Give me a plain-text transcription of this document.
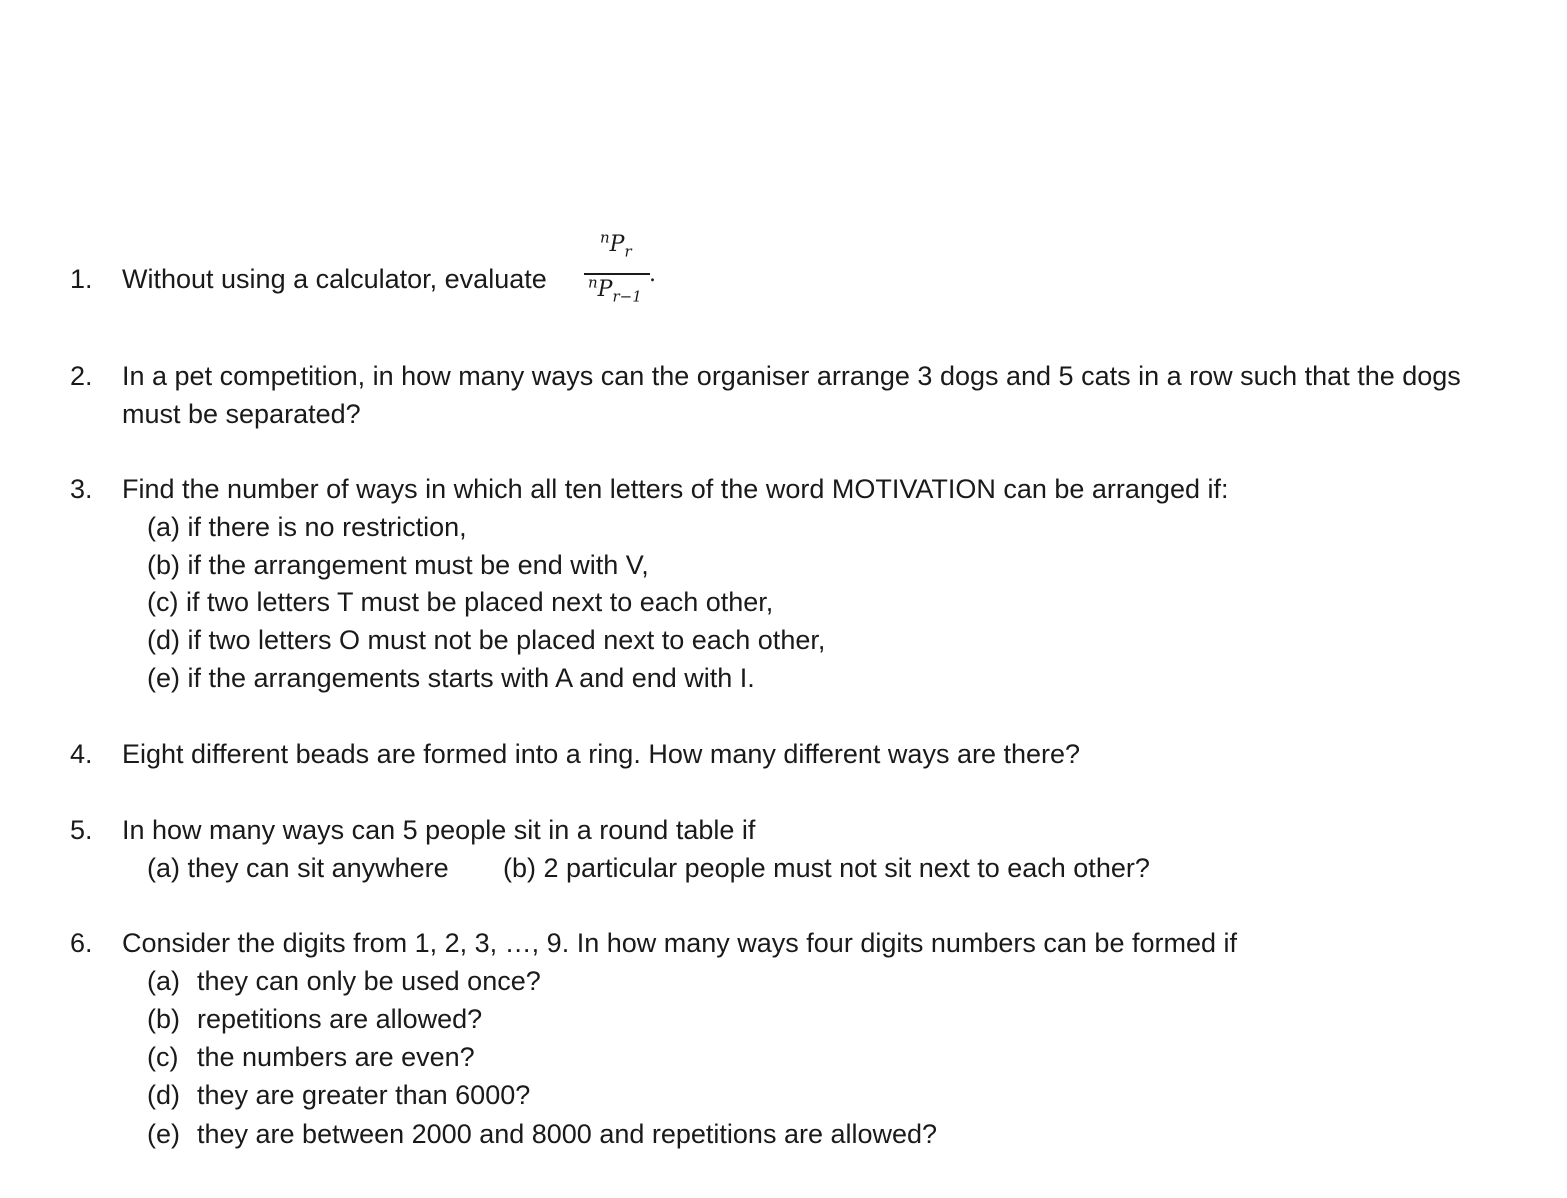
1.	Without using a calculator, evaluate
$^nP_r$
$^nP_{r-1}$
.
2.	In a pet competition, in how many ways can the organiser arrange 3 dogs and 5 cats in a row such that the dogs
must be separated?
3.	Find the number of ways in which all ten letters of the word MOTIVATION can be arranged if:
(a) if there is no restriction,
(b) if the arrangement must be end with V,
(c) if two letters T must be placed next to each other,
(d) if two letters O must not be placed next to each other,
(e) if the arrangements starts with A and end with I.
4.	Eight different beads are formed into a ring. How many different ways are there?
5.	In how many ways can 5 people sit in a round table if
(a) they can sit anywhere (b) 2 particular people must not sit next to each other?
6.	Consider the digits from 1, 2, 3, …, 9. In how many ways four digits numbers can be formed if
(a) they can only be used once?
(b) repetitions are allowed?
(c) the numbers are even?
(d) they are greater than 6000?
(e) they are between 2000 and 8000 and repetitions are allowed?
